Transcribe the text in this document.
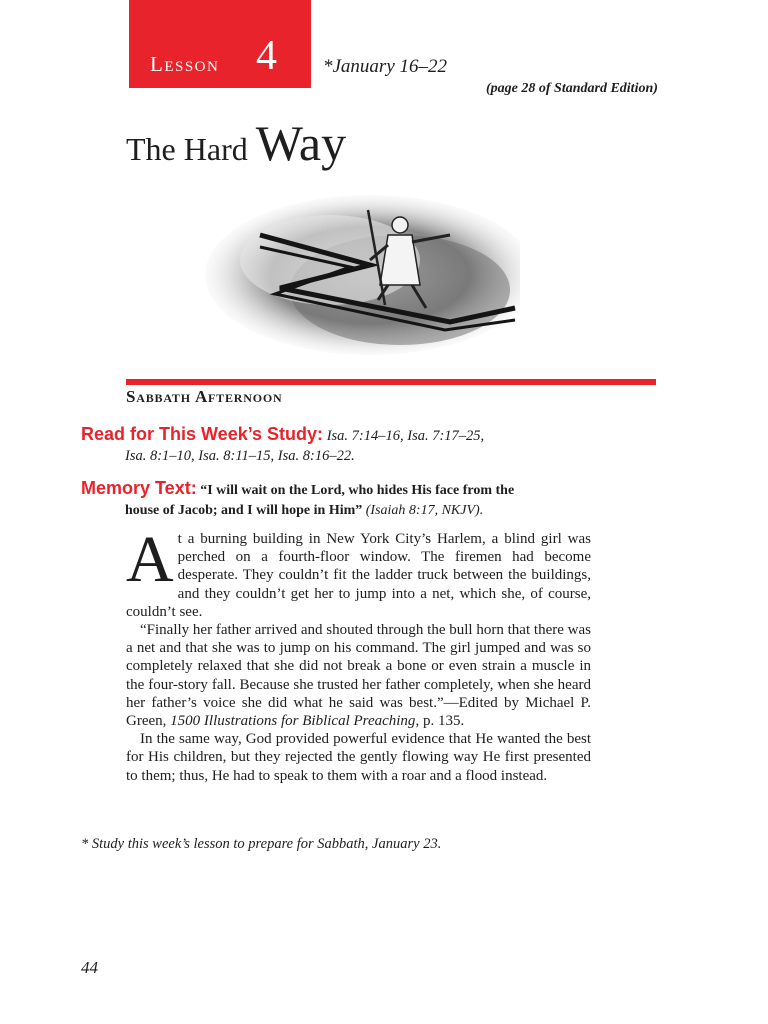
Lesson 4 *January 16–22
(page 28 of Standard Edition)
The Hard Way
Sabbath Afternoon
Read for This Week’s Study: Isa. 7:14–16, Isa. 7:17–25,
Isa. 8:1–10, Isa. 8:11–15, Isa. 8:16–22.
Memory Text: “I will wait on the Lord, who hides His face from the
house of Jacob; and I will hope in Him” (Isaiah 8:17, NKJV).

At a burning building in New York City’s Harlem, a blind girl was perched on a fourth-floor window. The firemen had become desperate. They couldn’t fit the ladder truck between the buildings, and they couldn’t get her to jump into a net, which she, of course, couldn’t see.

“Finally her father arrived and shouted through the bull horn that there was a net and that she was to jump on his command. The girl jumped and was so completely relaxed that she did not break a bone or even strain a muscle in the four-story fall. Because she trusted her father completely, when she heard her father’s voice she did what he said was best.”—Edited by Michael P. Green, 1500 Illustrations for Biblical Preaching, p. 135.

In the same way, God provided powerful evidence that He wanted the best for His children, but they rejected the gently flowing way He first presented to them; thus, He had to speak to them with a roar and a flood instead.

* Study this week’s lesson to prepare for Sabbath, January 23.
44
